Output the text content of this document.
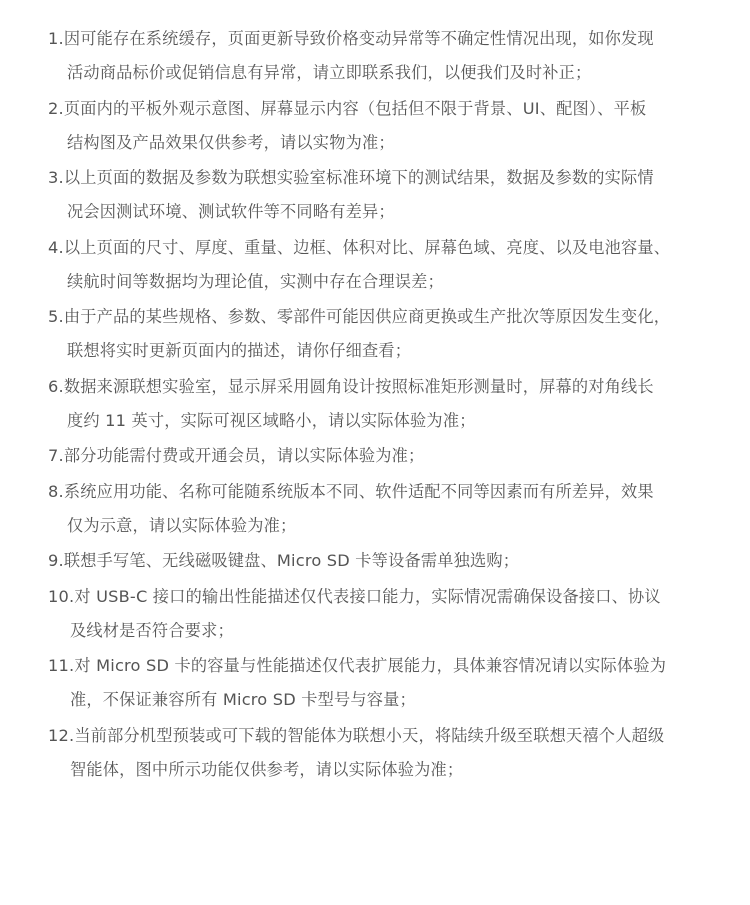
1.因可能存在系统缓存，页面更新导致价格变动异常等不确定性情况出现，如你发现
活动商品标价或促销信息有异常，请立即联系我们，以便我们及时补正；
2.页面内的平板外观示意图、屏幕显示内容（包括但不限于背景、UI、配图）、平板
结构图及产品效果仅供参考，请以实物为准；
3.以上页面的数据及参数为联想实验室标准环境下的测试结果，数据及参数的实际情
况会因测试环境、测试软件等不同略有差异；
4.以上页面的尺寸、厚度、重量、边框、体积对比、屏幕色域、亮度、以及电池容量、
续航时间等数据均为理论值，实测中存在合理误差；
5.由于产品的某些规格、参数、零部件可能因供应商更换或生产批次等原因发生变化，
联想将实时更新页面内的描述，请你仔细查看；
6.数据来源联想实验室，显示屏采用圆角设计按照标准矩形测量时，屏幕的对角线长
度约 11 英寸，实际可视区域略小，请以实际体验为准；
7.部分功能需付费或开通会员，请以实际体验为准；
8.系统应用功能、名称可能随系统版本不同、软件适配不同等因素而有所差异，效果
仅为示意，请以实际体验为准；
9.联想手写笔、无线磁吸键盘、Micro SD 卡等设备需单独选购；
10.对 USB-C 接口的输出性能描述仅代表接口能力，实际情况需确保设备接口、协议
及线材是否符合要求；
11.对 Micro SD 卡的容量与性能描述仅代表扩展能力，具体兼容情况请以实际体验为
准，不保证兼容所有 Micro SD 卡型号与容量；
12.当前部分机型预装或可下载的智能体为联想小天，将陆续升级至联想天禧个人超级
智能体，图中所示功能仅供参考，请以实际体验为准；
